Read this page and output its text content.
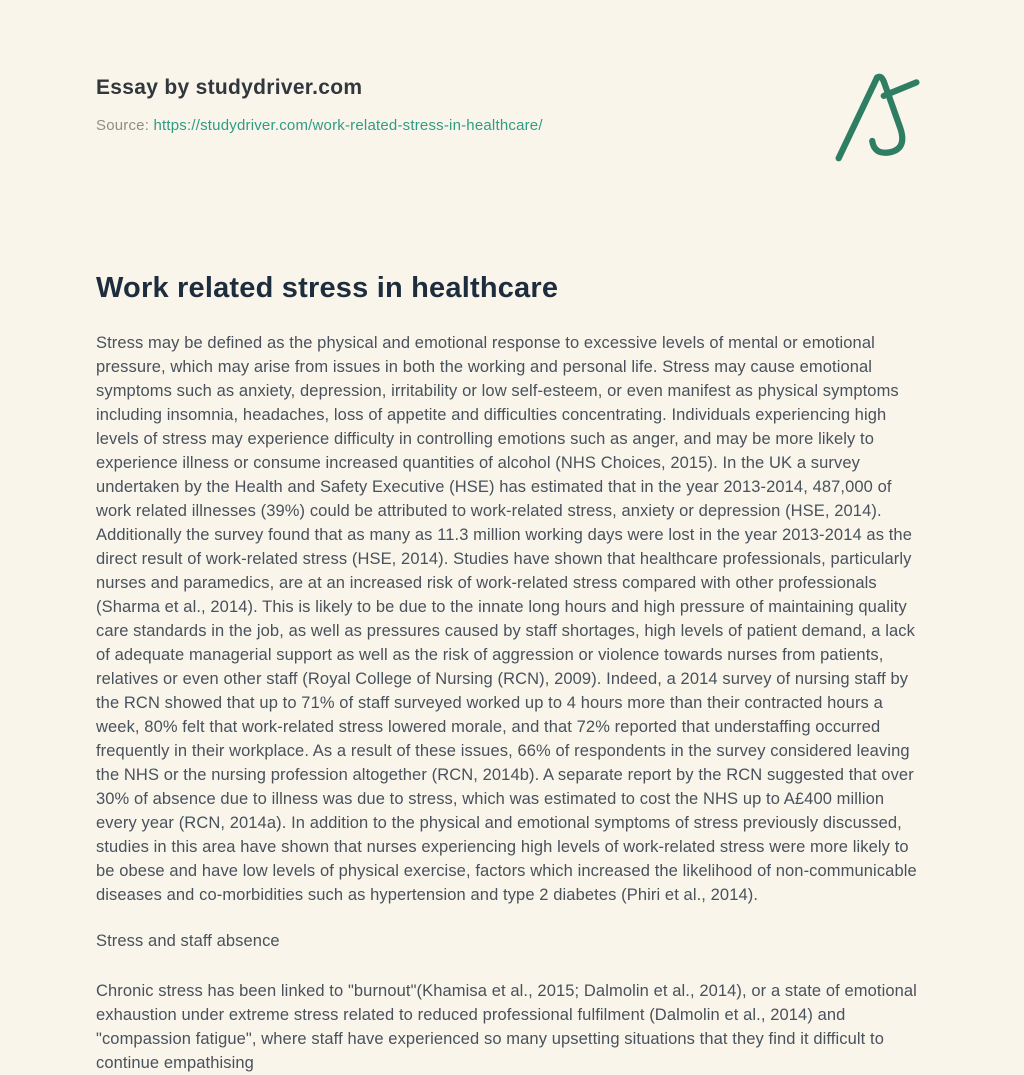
Essay by studydriver.com
Source: https://studydriver.com/work-related-stress-in-healthcare/
Work related stress in healthcare

Stress may be defined as the physical and emotional response to excessive levels of mental or emotional pressure, which may arise from issues in both the working and personal life. Stress may cause emotional symptoms such as anxiety, depression, irritability or low self-esteem, or even manifest as physical symptoms including insomnia, headaches, loss of appetite and difficulties concentrating. Individuals experiencing high levels of stress may experience difficulty in controlling emotions such as anger, and may be more likely to experience illness or consume increased quantities of alcohol (NHS Choices, 2015). In the UK a survey undertaken by the Health and Safety Executive (HSE) has estimated that in the year 2013-2014, 487,000 of work related illnesses (39%) could be attributed to work-related stress, anxiety or depression (HSE, 2014). Additionally the survey found that as many as 11.3 million working days were lost in the year 2013-2014 as the direct result of work-related stress (HSE, 2014). Studies have shown that healthcare professionals, particularly nurses and paramedics, are at an increased risk of work-related stress compared with other professionals (Sharma et al., 2014). This is likely to be due to the innate long hours and high pressure of maintaining quality care standards in the job, as well as pressures caused by staff shortages, high levels of patient demand, a lack of adequate managerial support as well as the risk of aggression or violence towards nurses from patients, relatives or even other staff (Royal College of Nursing (RCN), 2009). Indeed, a 2014 survey of nursing staff by the RCN showed that up to 71% of staff surveyed worked up to 4 hours more than their contracted hours a week, 80% felt that work-related stress lowered morale, and that 72% reported that understaffing occurred frequently in their workplace. As a result of these issues, 66% of respondents in the survey considered leaving the NHS or the nursing profession altogether (RCN, 2014b). A separate report by the RCN suggested that over 30% of absence due to illness was due to stress, which was estimated to cost the NHS up to A£400 million every year (RCN, 2014a). In addition to the physical and emotional symptoms of stress previously discussed, studies in this area have shown that nurses experiencing high levels of work-related stress were more likely to be obese and have low levels of physical exercise, factors which increased the likelihood of non-communicable diseases and co-morbidities such as hypertension and type 2 diabetes (Phiri et al., 2014).

Stress and staff absence

Chronic stress has been linked to "burnout"(Khamisa et al., 2015; Dalmolin et al., 2014), or a state of emotional exhaustion under extreme stress related to reduced professional fulfilment (Dalmolin et al., 2014) and "compassion fatigue", where staff have experienced so many upsetting situations that they find it difficult to continue empathising
